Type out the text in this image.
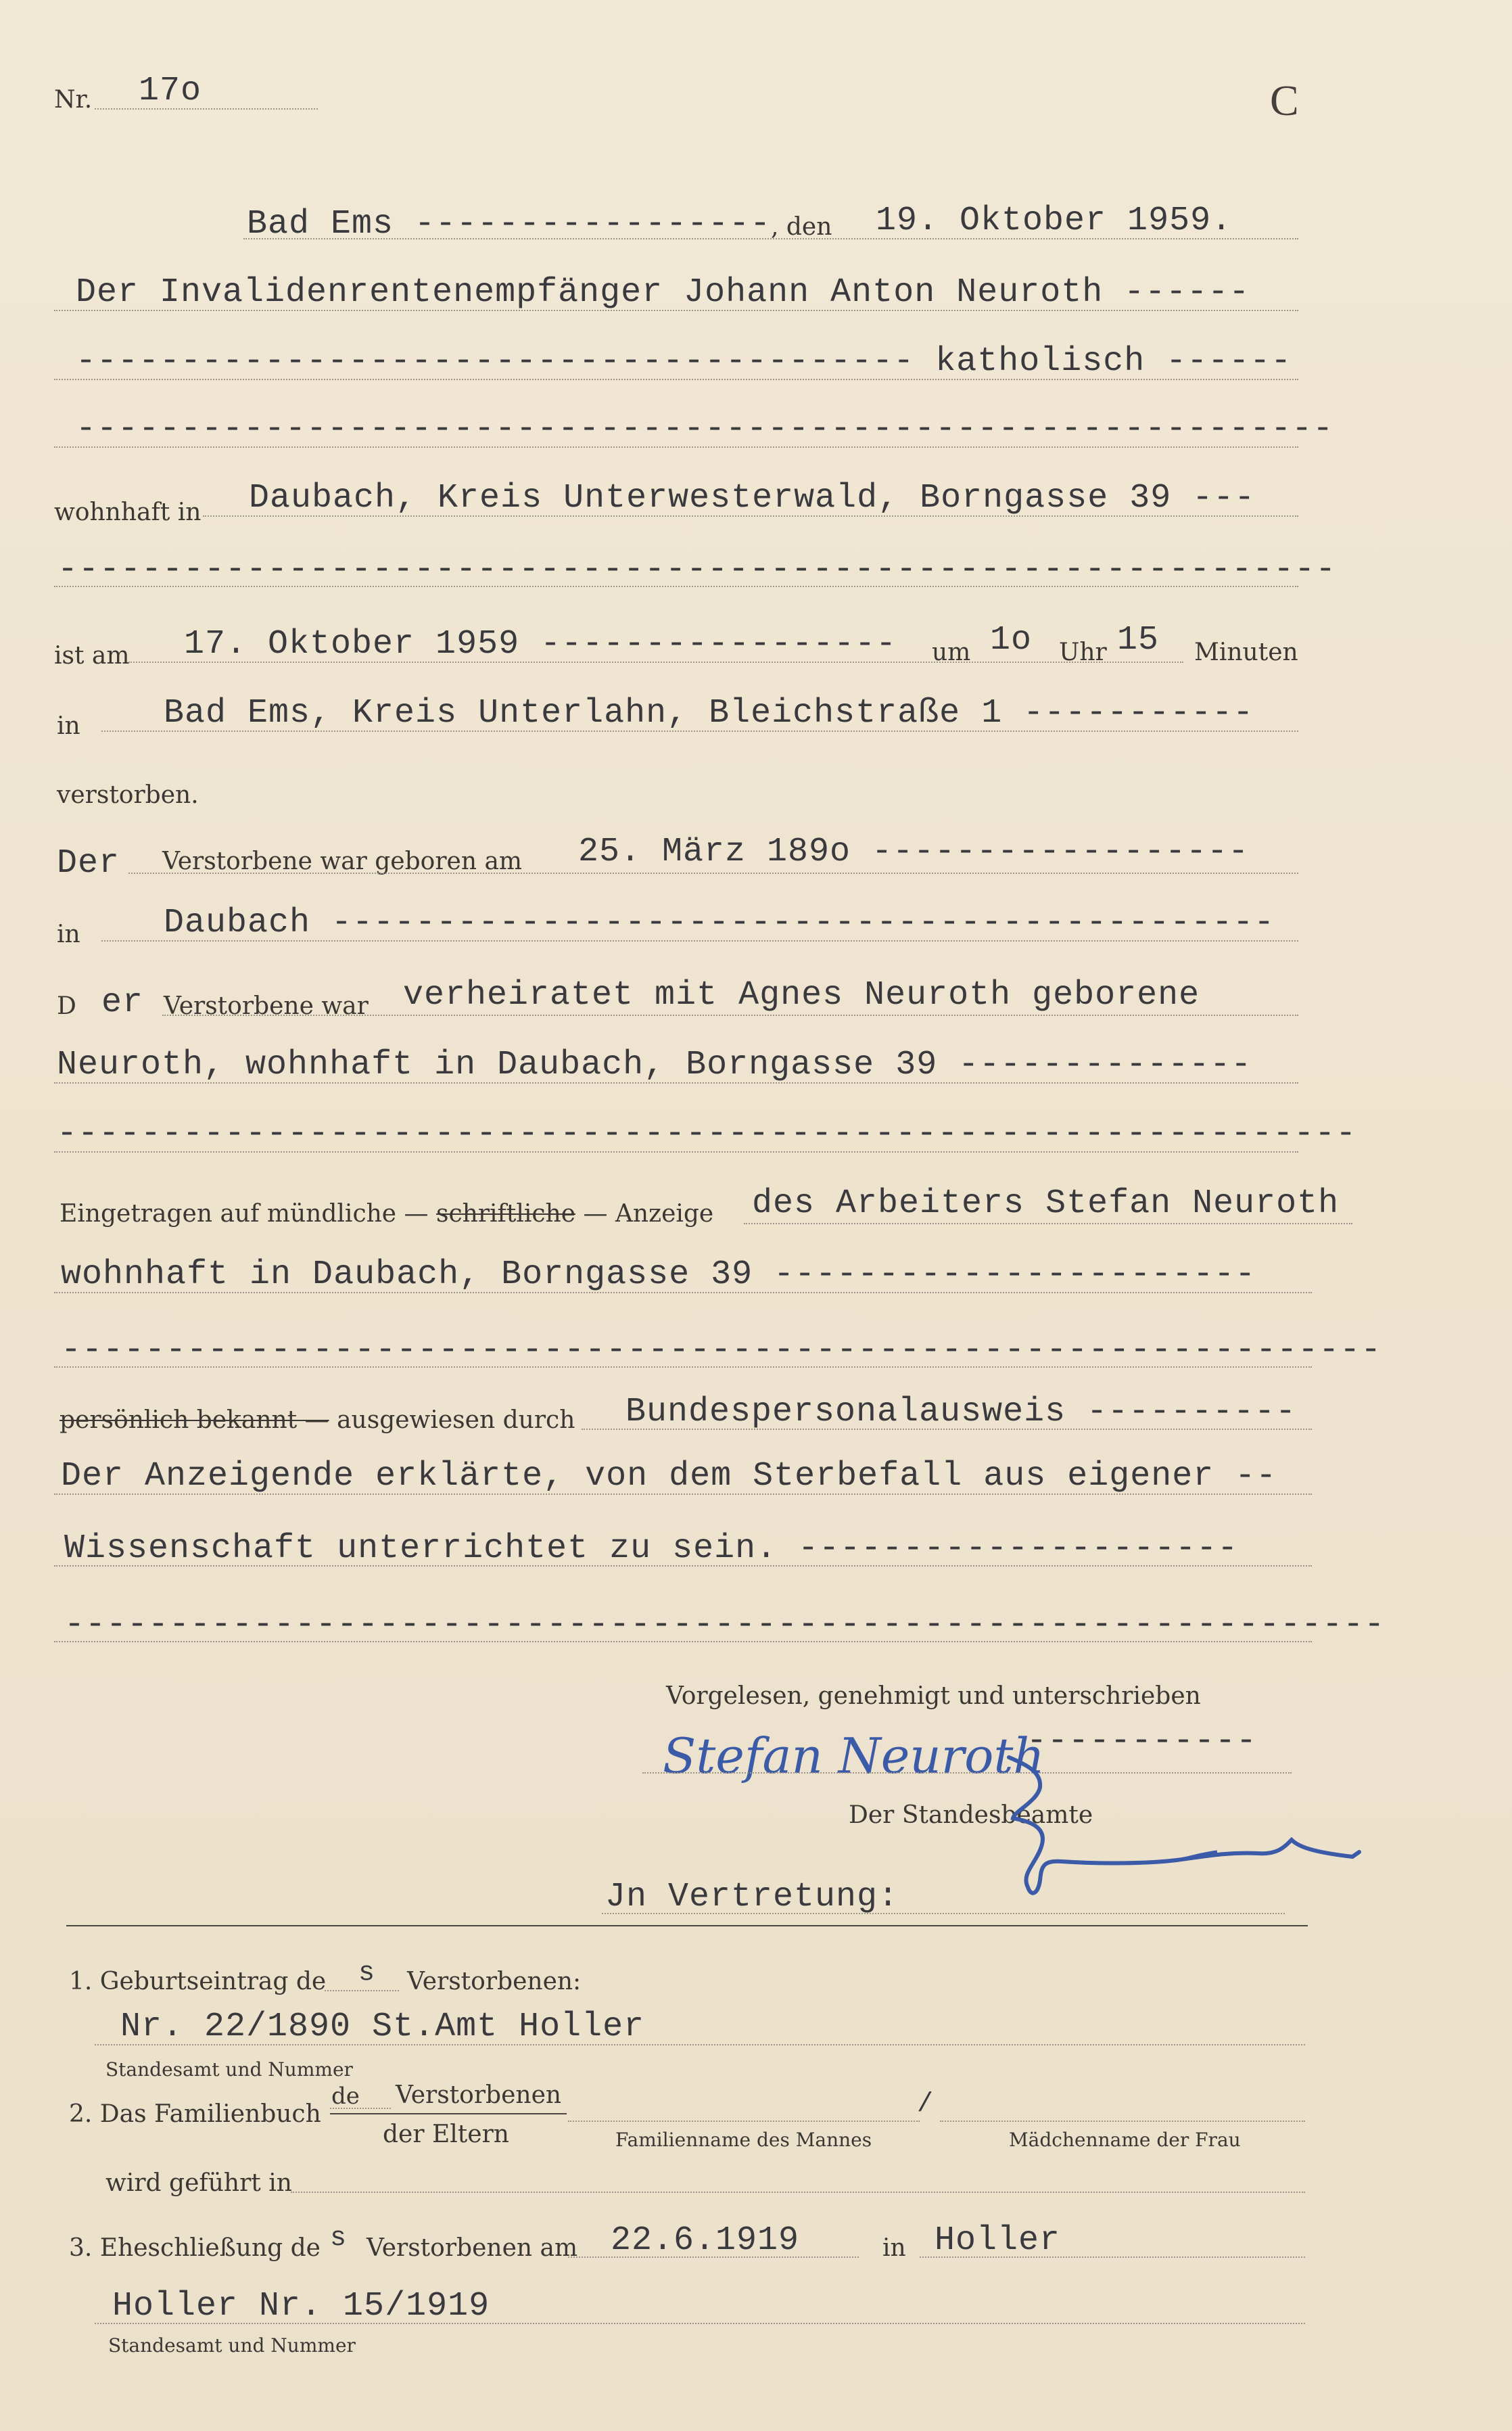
Nr. 17o	C
Bad Ems ----------------- , den 19. Oktober 1959.
Der Invalidenrentenempfänger Johann Anton Neuroth ------
---------------------------------------- katholisch ------
------------------------------------------------------------
wohnhaft in Daubach, Kreis Unterwesterwald, Borngasse 39 ---
-------------------------------------------------------------
ist am 17. Oktober 1959 ----------------- um 1o Uhr 15 Minuten
in Bad Ems, Kreis Unterlahn, Bleichstraße 1 -----------
verstorben.
Der Verstorbene war geboren am 25. März 189o ------------------
in Daubach ---------------------------------------------
D er Verstorbene war verheiratet mit Agnes Neuroth geborene
Neuroth, wohnhaft in Daubach, Borngasse 39 --------------
--------------------------------------------------------------
Eingetragen auf mündliche — schriftliche — Anzeige des Arbeiters Stefan Neuroth
wohnhaft in Daubach, Borngasse 39 -----------------------
---------------------------------------------------------------
persönlich bekannt — ausgewiesen durch Bundespersonalausweis ----------
Der Anzeigende erklärte, von dem Sterbefall aus eigener --
Wissenschaft unterrichtet zu sein. ---------------------
---------------------------------------------------------------
Vorgelesen, genehmigt und unterschrieben
Stefan Neuroth
-----------
Der Standesbeamte
Jn Vertretung:
1. Geburtseintrag de s Verstorbenen:
Nr. 22/1890 St.Amt Holler
Standesamt und Nummer
2. Das Familienbuch
de Verstorbenen
der Eltern
/
Familienname des Mannes	Mädchenname der Frau
wird geführt in
3. Eheschließung de s Verstorbenen am 22.6.1919	in Holler
Holler Nr. 15/1919
Standesamt und Nummer
